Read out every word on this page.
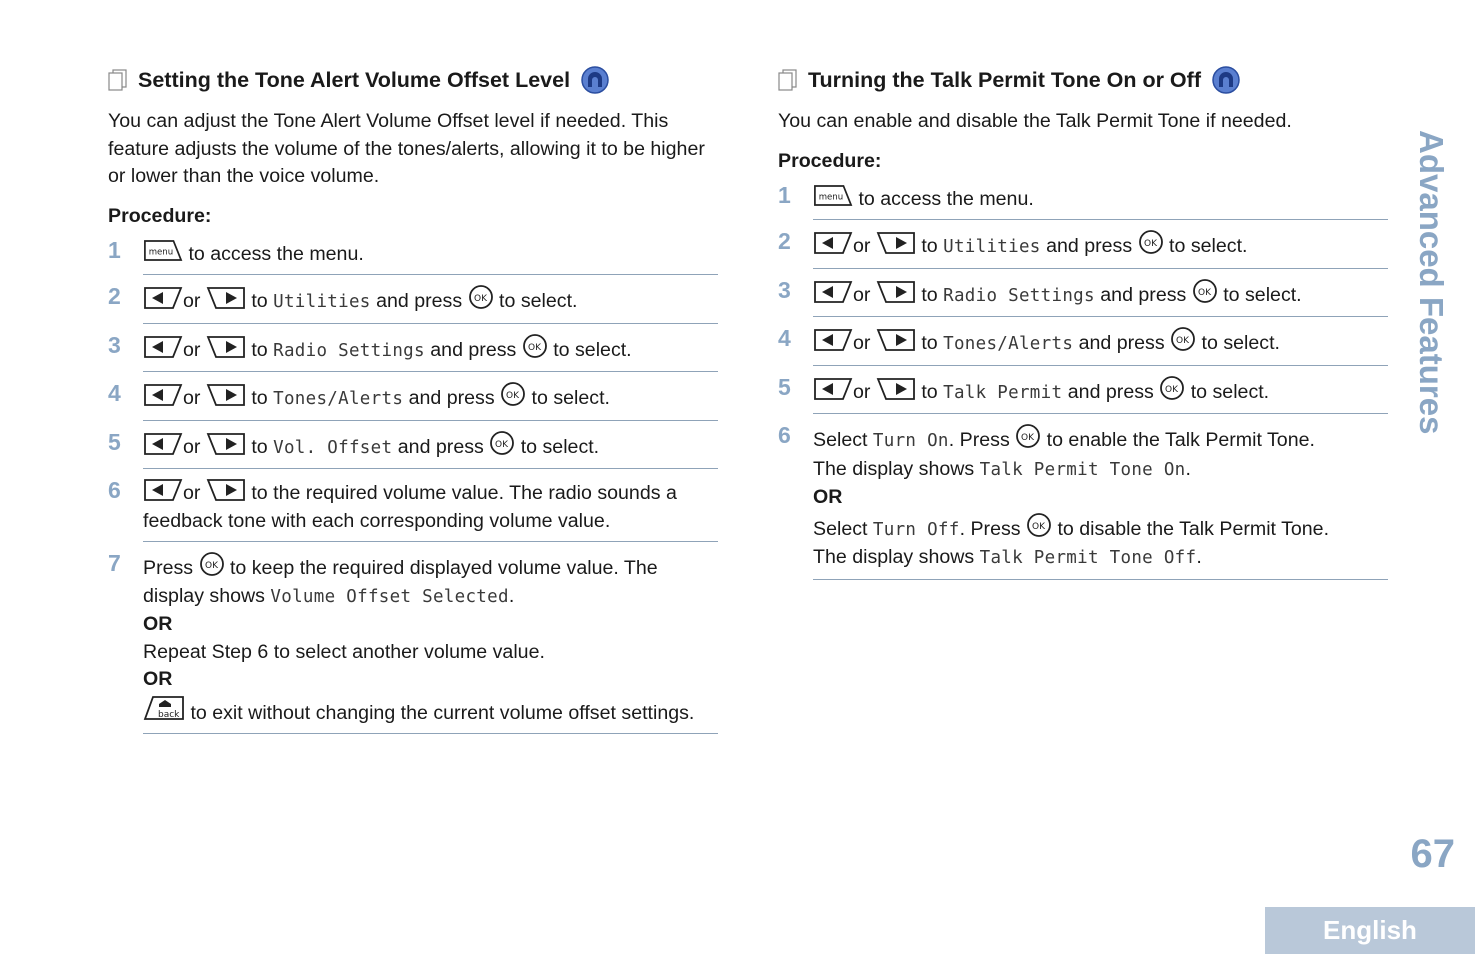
Setting the Tone Alert Volume Offset Level

You can adjust the Tone Alert Volume Offset level if needed. This feature adjusts the volume of the tones/alerts, allowing it to be higher or lower than the voice volume.

Procedure:

1	menu to access the menu.
2	or  to Utilities and press OK to select.
3	or  to Radio Settings and press OK to select.
4	or  to Tones/Alerts and press OK to select.
5	or  to Vol. Offset and press OK to select.
6	or  to the required volume value. The radio sounds a feedback tone with each corresponding volume value.
7 Press OK to keep the required displayed volume value. The display shows Volume Offset Selected.
OR
Repeat Step 6 to select another volume value.
OR
back to exit without changing the current volume offset settings.
Turning the Talk Permit Tone On or Off

You can enable and disable the Talk Permit Tone if needed.

Procedure:

1	menu to access the menu.
2	or  to Utilities and press OK to select.
3	or  to Radio Settings and press OK to select.
4	or  to Tones/Alerts and press OK to select.
5	or  to Talk Permit and press OK to select.
6 Select Turn On. Press OK to enable the Talk Permit Tone.
The display shows Talk Permit Tone On.
OR
Select Turn Off. Press OK to disable the Talk Permit Tone.
The display shows Talk Permit Tone Off.
Advanced Features
67
English
